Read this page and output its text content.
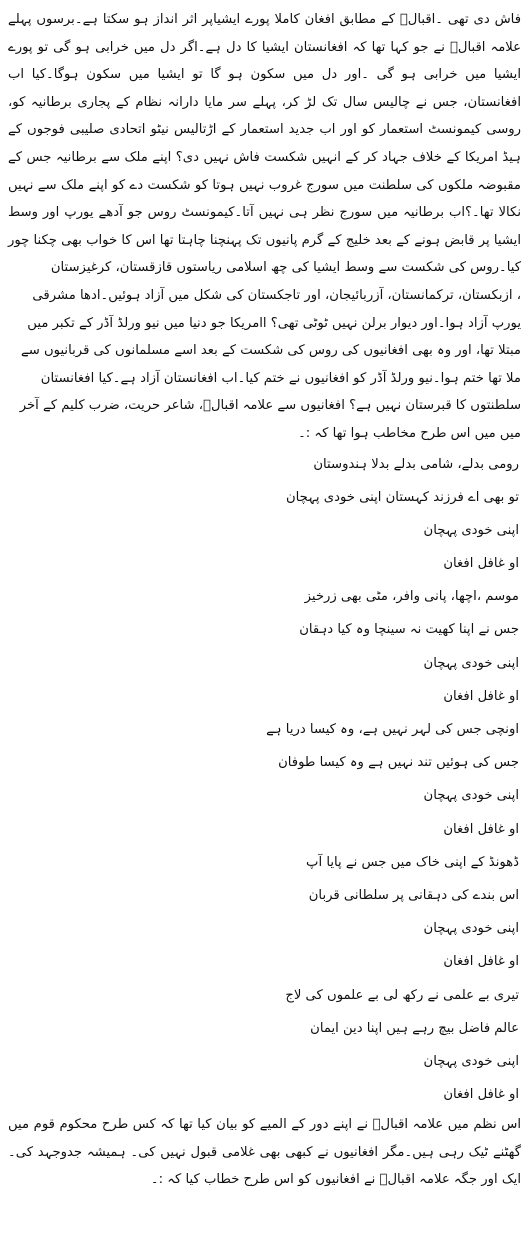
فاش دی تھی ۔اقبالؒ کے مطابق افغان کاملا پورے ایشیاپر اثر انداز ہو سکتا ہے۔برسوں پہلے علامہ اقبالؒ نے جو کہا تھا کہ افغانستان ایشیا کا دل ہے۔اگر دل میں خرابی ہو گی تو پورے ایشیا میں خرابی ہو گی ۔اور دل میں سکون ہو گا تو ایشیا میں سکون ہوگا۔کیا اب افغانستان، جس نے چالیس سال تک لڑ کر، پہلے سر مایا دارانہ نظام کے پجاری برطانیہ کو، روسی کیمونسٹ استعمار کو اور اب جدید استعمار کے اڑتالیس نیٹو اتحادی صلیبی فوجوں کے ہیڈ امریکا کے خلاف جہاد کر کے انہیں شکست فاش نہیں دی؟ اپنے ملک سے برطانیہ جس کے مقبوضہ ملکوں کی سلطنت میں سورج غروب نہیں ہوتا کو شکست دے کو اپنے ملک سے نہیں نکالا تھا۔؟اب برطانیہ میں سورج نظر ہی نہیں آتا۔کیمونسٹ روس جو آدھے یورپ اور وسط ایشیا پر قابض ہونے کے بعد خلیج کے گرم پانیوں تک پہنچنا چاہتا تھا اس کا خواب بھی چکنا چور کیا۔روس کی شکست سے وسط ایشیا کی چھ اسلامی ریاستوں قازقستان، کرغیزستان

، ازبکستان، ترکمانستان، آزربائیجان، اور تاجکستان کی شکل میں آزاد ہوئیں۔ادھا مشرقی یورپ آزاد ہوا۔اور دیوار برلن نہیں ٹوٹی تھی؟ اامریکا جو دنیا میں نیو ورلڈ آڈر کے تکبر میں مبتلا تھا، اور وہ بھی افغانیوں کی روس کی شکست کے بعد اسے مسلمانوں کی قربانیوں سے ملا تھا ختم ہوا۔نیو ورلڈ آڈر کو افغانیوں نے ختم کیا۔اب افغانستان آزاد ہے۔کیا افغانستان سلطنتوں کا قبرستان نہیں ہے؟ افغانیوں سے علامہ اقبالؒ، شاعر حریت، ضرب کلیم کے آخر میں میں اس طرح مخاطب ہوا تھا کہ :۔

رومی بدلے، شامی بدلے بدلا ہندوستان
تو بھی اے فرزند کہستان اپنی خودی پہچان
اپنی خودی پہچان
او غافل افغان
موسم ،اچھا، پانی وافر، مٹی بھی زرخیز
جس نے اپنا کھیت نہ سینچا وہ کیا دہقان
اپنی خودی پہچان
او غافل افغان
اونچی جس کی لہر نہیں ہے، وہ کیسا دریا ہے
جس کی ہوئیں تند نہیں ہے وہ کیسا طوفان
اپنی خودی پہچان
او غافل افغان
ڈھونڈ کے اپنی خاک میں جس نے پایا آپ
اس بندے کی دہقانی پر سلطانی قربان
اپنی خودی پہچان
او غافل افغان
تیری بے علمی نے رکھ لی بے علموں کی لاج
عالم فاضل بیچ رہے ہیں اپنا دین ایمان
اپنی خودی پہچان
او غافل افغان

اس نظم میں علامہ اقبالؒ نے اپنے دور کے المیے کو بیان کیا تھا کہ کس طرح محکوم قوم میں گھٹنے ٹیک رہی ہیں۔مگر افغانیوں نے کبھی بھی غلامی قبول نہیں کی۔ ہمیشہ جدوجہد کی۔ایک اور جگہ علامہ اقبالؒ نے افغانیوں کو اس طرح خطاب کیا کہ :۔
